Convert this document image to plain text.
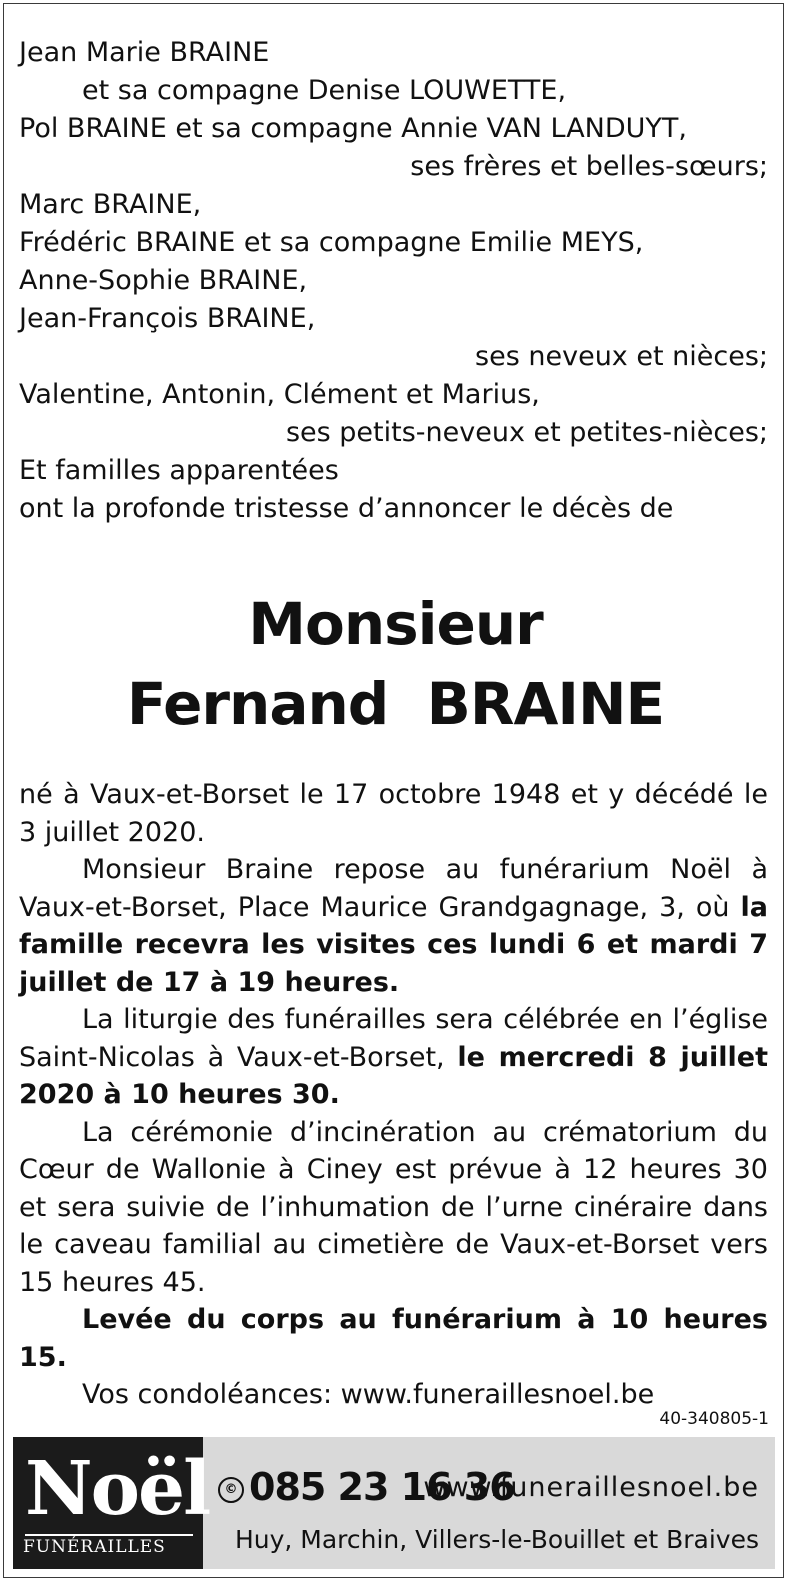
Jean Marie BRAINE
et sa compagne Denise LOUWETTE,
Pol BRAINE et sa compagne Annie VAN LANDUYT,
ses frères et belles-sœurs;
Marc BRAINE,
Frédéric BRAINE et sa compagne Emilie MEYS,
Anne-Sophie BRAINE,
Jean-François BRAINE,
ses neveux et nièces;
Valentine, Antonin, Clément et Marius,
ses petits-neveux et petites-nièces;
Et familles apparentées
ont la profonde tristesse d’annoncer le décès de
Monsieur
Fernand  BRAINE

né à Vaux-et-Borset le 17 octobre 1948 et y décédé le 3 juillet 2020.

Monsieur Braine repose au funérarium Noël à Vaux-et-Borset, Place Maurice Grandgagnage, 3, où la famille recevra les visites ces lundi 6 et mardi 7 juillet de 17 à 19 heures.

La liturgie des funérailles sera célébrée en l’église Saint-Nicolas à Vaux-et-Borset, le mercredi 8 juillet 2020 à 10 heures 30.

La cérémonie d’incinération au crématorium du Cœur de Wallonie à Ciney est prévue à 12 heures 30 et sera suivie de l’inhumation de l’urne cinéraire dans le caveau familial au cimetière de Vaux-et-Borset vers 15 heures 45.

Levée du corps au funérarium à 10 heures 15.

Vos condoléances: www.funeraillesnoel.be

40-340805-1
Noël
FUNÉRAILLES
© 085 23 16 36
www.funeraillesnoel.be
Huy, Marchin, Villers-le-Bouillet et Braives
